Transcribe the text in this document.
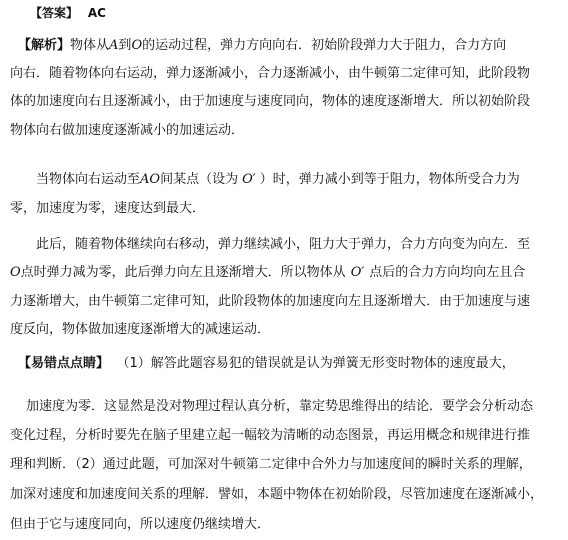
【答案】 AC
【解析】物体从A到O的运动过程，弹力方向向右．初始阶段弹力大于阻力，合力方向
向右．随着物体向右运动，弹力逐渐减小，合力逐渐减小，由牛顿第二定律可知，此阶段物
体的加速度向右且逐渐减小，由于加速度与速度同向，物体的速度逐渐增大．所以初始阶段
物体向右做加速度逐渐减小的加速运动．
当物体向右运动至AO间某点（设为 O′ ）时，弹力减小到等于阻力，物体所受合力为
零，加速度为零，速度达到最大．
此后，随着物体继续向右移动，弹力继续减小，阻力大于弹力，合力方向变为向左．至
O点时弹力减为零，此后弹力向左且逐渐增大．所以物体从 O′ 点后的合力方向均向左且合
力逐渐增大，由牛顿第二定律可知，此阶段物体的加速度向左且逐渐增大．由于加速度与速
度反向，物体做加速度逐渐增大的减速运动．
【易错点点睛】 （1）解答此题容易犯的错误就是认为弹簧无形变时物体的速度最大，
加速度为零．这显然是没对物理过程认真分析，靠定势思维得出的结论．要学会分析动态
变化过程，分析时要先在脑子里建立起一幅较为清晰的动态图景，再运用概念和规律进行推
理和判断．（2）通过此题，可加深对牛顿第二定律中合外力与加速度间的瞬时关系的理解，
加深对速度和加速度间关系的理解．譬如，本题中物体在初始阶段，尽管加速度在逐渐减小，
但由于它与速度同向，所以速度仍继续增大．
